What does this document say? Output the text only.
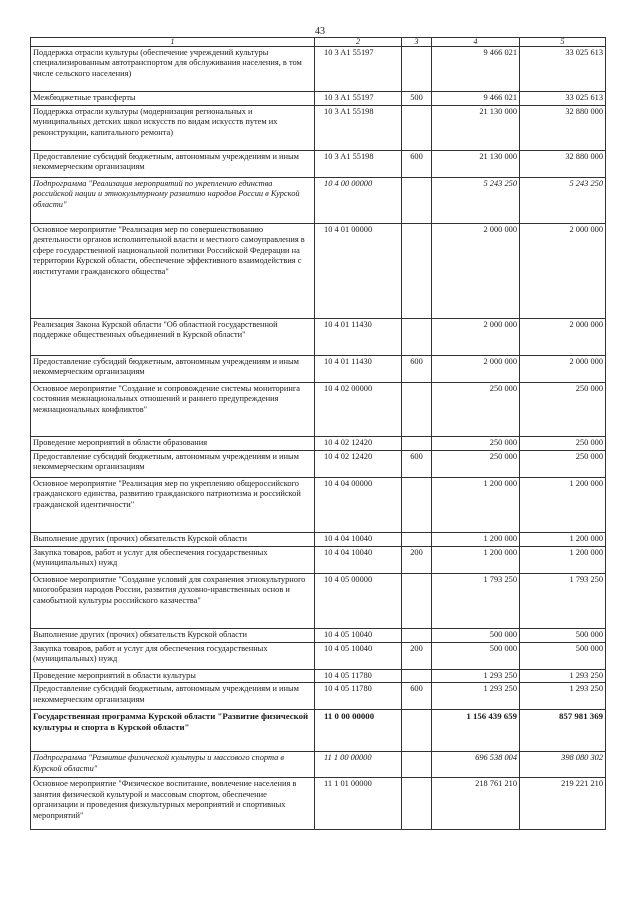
43
1	2	3	4	5
Поддержка отрасли культуры (обеспечение учреждений культуры специализированным автотранспортом для обслуживания населения, в том числе сельского населения)	10 3 A1 55197		9 466 021	33 025 613
Межбюджетные трансферты	10 3 A1 55197	500	9 466 021	33 025 613
Поддержка отрасли культуры (модернизация региональных и муниципальных детских школ искусств по видам искусств путем их реконструкции, капитального ремонта)	10 3 A1 55198		21 130 000	32 880 000
Предоставление субсидий бюджетным, автономным учреждениям и иным некоммерческим организациям	10 3 A1 55198	600	21 130 000	32 880 000
Подпрограмма "Реализация мероприятий по укреплению единства российской нации и этнокультурному развитию народов России в Курской области"	10 4 00 00000		5 243 250	5 243 250
Основное мероприятие "Реализация мер по совершенствованию деятельности органов исполнительной власти и местного самоуправления в сфере государственной национальной политики Российской Федерации на территории Курской области, обеспечение эффективного взаимодействия с институтами гражданского общества"	10 4 01 00000		2 000 000	2 000 000
Реализация Закона Курской области "Об областной государственной поддержке общественных объединений в Курской области"	10 4 01 11430		2 000 000	2 000 000
Предоставление субсидий бюджетным, автономным учреждениям и иным некоммерческим организациям	10 4 01 11430	600	2 000 000	2 000 000
Основное мероприятие "Создание и сопровождение системы мониторинга состояния межнациональных отношений и раннего предупреждения межнациональных конфликтов"	10 4 02 00000		250 000	250 000
Проведение мероприятий в области образования	10 4 02 12420		250 000	250 000
Предоставление субсидий бюджетным, автономным учреждениям и иным некоммерческим организациям	10 4 02 12420	600	250 000	250 000
Основное мероприятие "Реализация мер по укреплению общероссийского гражданского единства, развитию гражданского патриотизма и российской гражданской идентичности"	10 4 04 00000		1 200 000	1 200 000
Выполнение других (прочих) обязательств Курской области	10 4 04 10040		1 200 000	1 200 000
Закупка товаров, работ и услуг для обеспечения государственных (муниципальных) нужд	10 4 04 10040	200	1 200 000	1 200 000
Основное мероприятие "Создание условий для сохранения этнокультурного многообразия народов России, развития духовно-нравственных основ и самобытной культуры российского казачества"	10 4 05 00000		1 793 250	1 793 250
Выполнение других (прочих) обязательств Курской области	10 4 05 10040		500 000	500 000
Закупка товаров, работ и услуг для обеспечения государственных (муниципальных) нужд	10 4 05 10040	200	500 000	500 000
Проведение мероприятий в области культуры	10 4 05 11780		1 293 250	1 293 250
Предоставление субсидий бюджетным, автономным учреждениям и иным некоммерческим организациям	10 4 05 11780	600	1 293 250	1 293 250
Государственная программа Курской области "Развитие физической культуры и спорта в Курской области"	11 0 00 00000		1 156 439 659	857 981 369
Подпрограмма "Развитие физической культуры и массового спорта в Курской области"	11 1 00 00000		696 538 004	398 080 302
Основное мероприятие "Физическое воспитание, вовлечение населения в занятия физической культурой и массовым спортом, обеспечение организации и проведения физкультурных мероприятий и спортивных мероприятий"	11 1 01 00000		218 761 210	219 221 210
